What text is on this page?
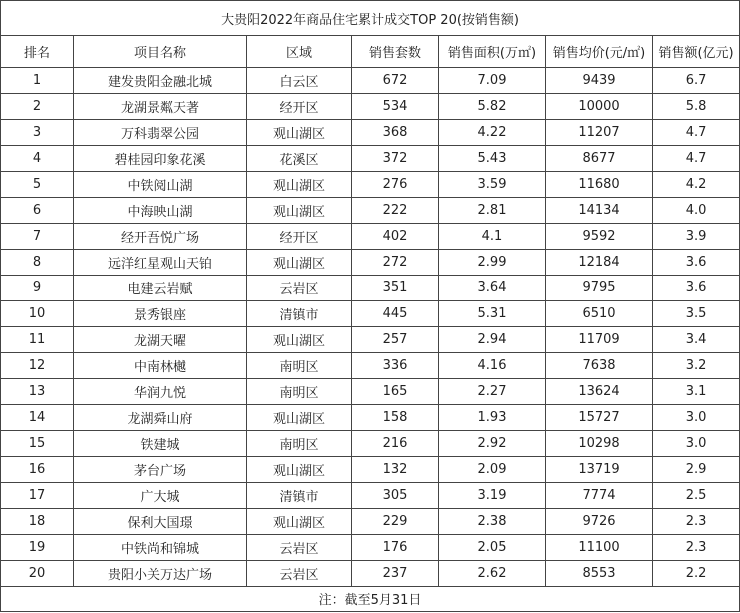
大贵阳2022年商品住宅累计成交TOP 20(按销售额)						
排名	项目名称	区域	销售套数	销售面积(万㎡)	销售均价(元/㎡)	销售额(亿元)
1	建发贵阳金融北城	白云区	672	7.09	9439	6.7
2	龙湖景粼天著	经开区	534	5.82	10000	5.8
3	万科翡翠公园	观山湖区	368	4.22	11207	4.7
4	碧桂园印象花溪	花溪区	372	5.43	8677	4.7
5	中铁阅山湖	观山湖区	276	3.59	11680	4.2
6	中海映山湖	观山湖区	222	2.81	14134	4.0
7	经开吾悦广场	经开区	402	4.1	9592	3.9
8	远洋红星观山天铂	观山湖区	272	2.99	12184	3.6
9	电建云岩赋	云岩区	351	3.64	9795	3.6
10	景秀银座	清镇市	445	5.31	6510	3.5
11	龙湖天曜	观山湖区	257	2.94	11709	3.4
12	中南林樾	南明区	336	4.16	7638	3.2
13	华润九悦	南明区	165	2.27	13624	3.1
14	龙湖舜山府	观山湖区	158	1.93	15727	3.0
15	铁建城	南明区	216	2.92	10298	3.0
16	茅台广场	观山湖区	132	2.09	13719	2.9
17	广大城	清镇市	305	3.19	7774	2.5
18	保利大国璟	观山湖区	229	2.38	9726	2.3
19	中铁尚和锦城	云岩区	176	2.05	11100	2.3
20	贵阳小关万达广场	云岩区	237	2.62	8553	2.2
注：截至5月31日						
